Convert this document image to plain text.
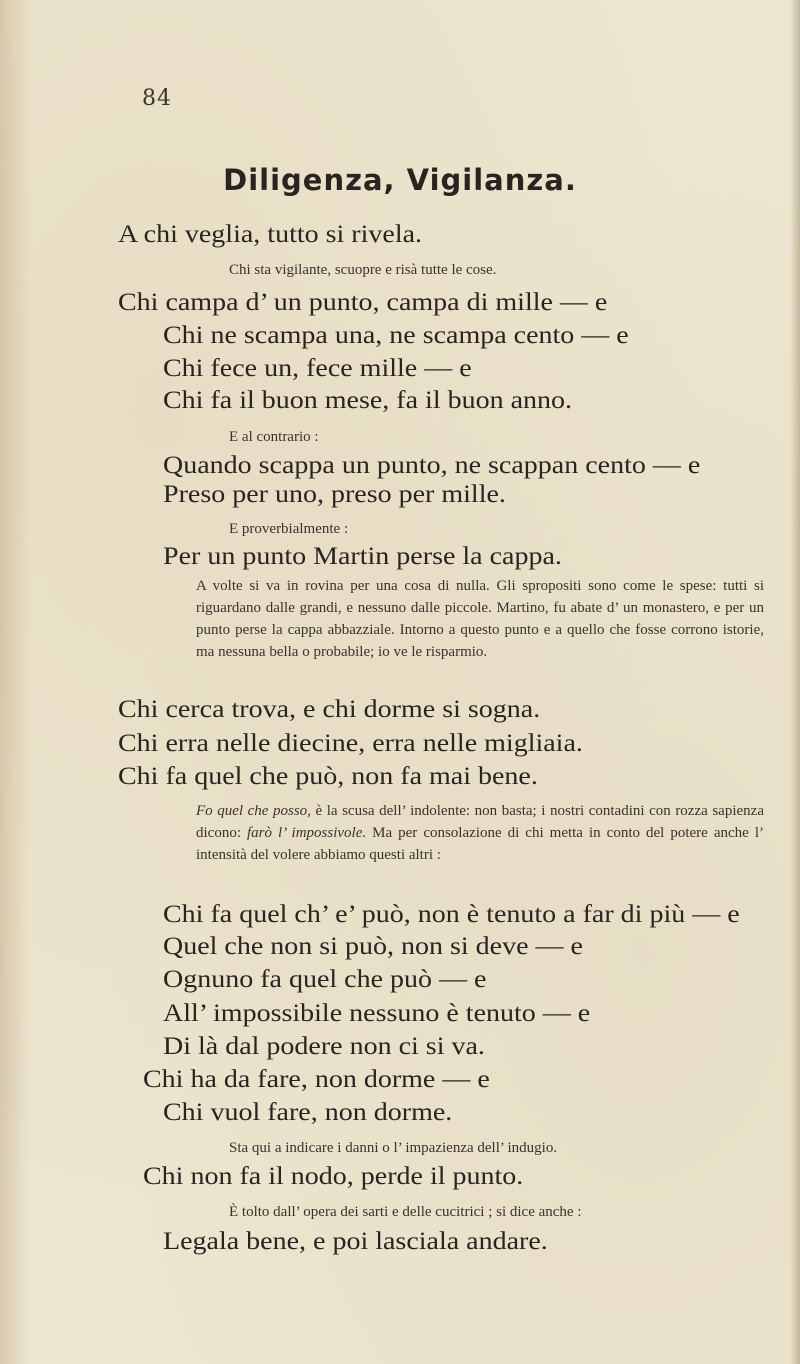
84
Diligenza, Vigilanza.
A chi veglia, tutto si rivela.
Chi sta vigilante, scuopre e risà tutte le cose.
Chi campa d’ un punto, campa di mille — e
Chi ne scampa una, ne scampa cento — e
Chi fece un, fece mille — e
Chi fa il buon mese, fa il buon anno.
E al contrario :
Quando scappa un punto, ne scappan cento — e
Preso per uno, preso per mille.
E proverbialmente :
Per un punto Martin perse la cappa.
A volte si va in rovina per una cosa di nulla. Gli spropositi sono come le spese: tutti si riguardano dalle grandi, e nessuno dalle piccole. Martino, fu abate d’ un monastero, e per un punto perse la cappa abbazziale. Intorno a questo punto e a quello che fosse corrono istorie, ma nessuna bella o probabile; io ve le risparmio.
Chi cerca trova, e chi dorme si sogna.
Chi erra nelle diecine, erra nelle migliaia.
Chi fa quel che può, non fa mai bene.
Fo quel che posso, è la scusa dell’ indolente: non basta; i nostri contadini con rozza sapienza dicono: farò l’ impossivole. Ma per consolazione di chi metta in conto del potere anche l’ intensità del volere abbiamo questi altri :
Chi fa quel ch’ e’ può, non è tenuto a far di più — e
Quel che non si può, non si deve — e
Ognuno fa quel che può — e
All’ impossibile nessuno è tenuto — e
Di là dal podere non ci si va.
Chi ha da fare, non dorme — e
Chi vuol fare, non dorme.
Sta qui a indicare i danni o l’ impazienza dell’ indugio.
Chi non fa il nodo, perde il punto.
È tolto dall’ opera dei sarti e delle cucitrici ; si dice anche :
Legala bene, e poi lasciala andare.
